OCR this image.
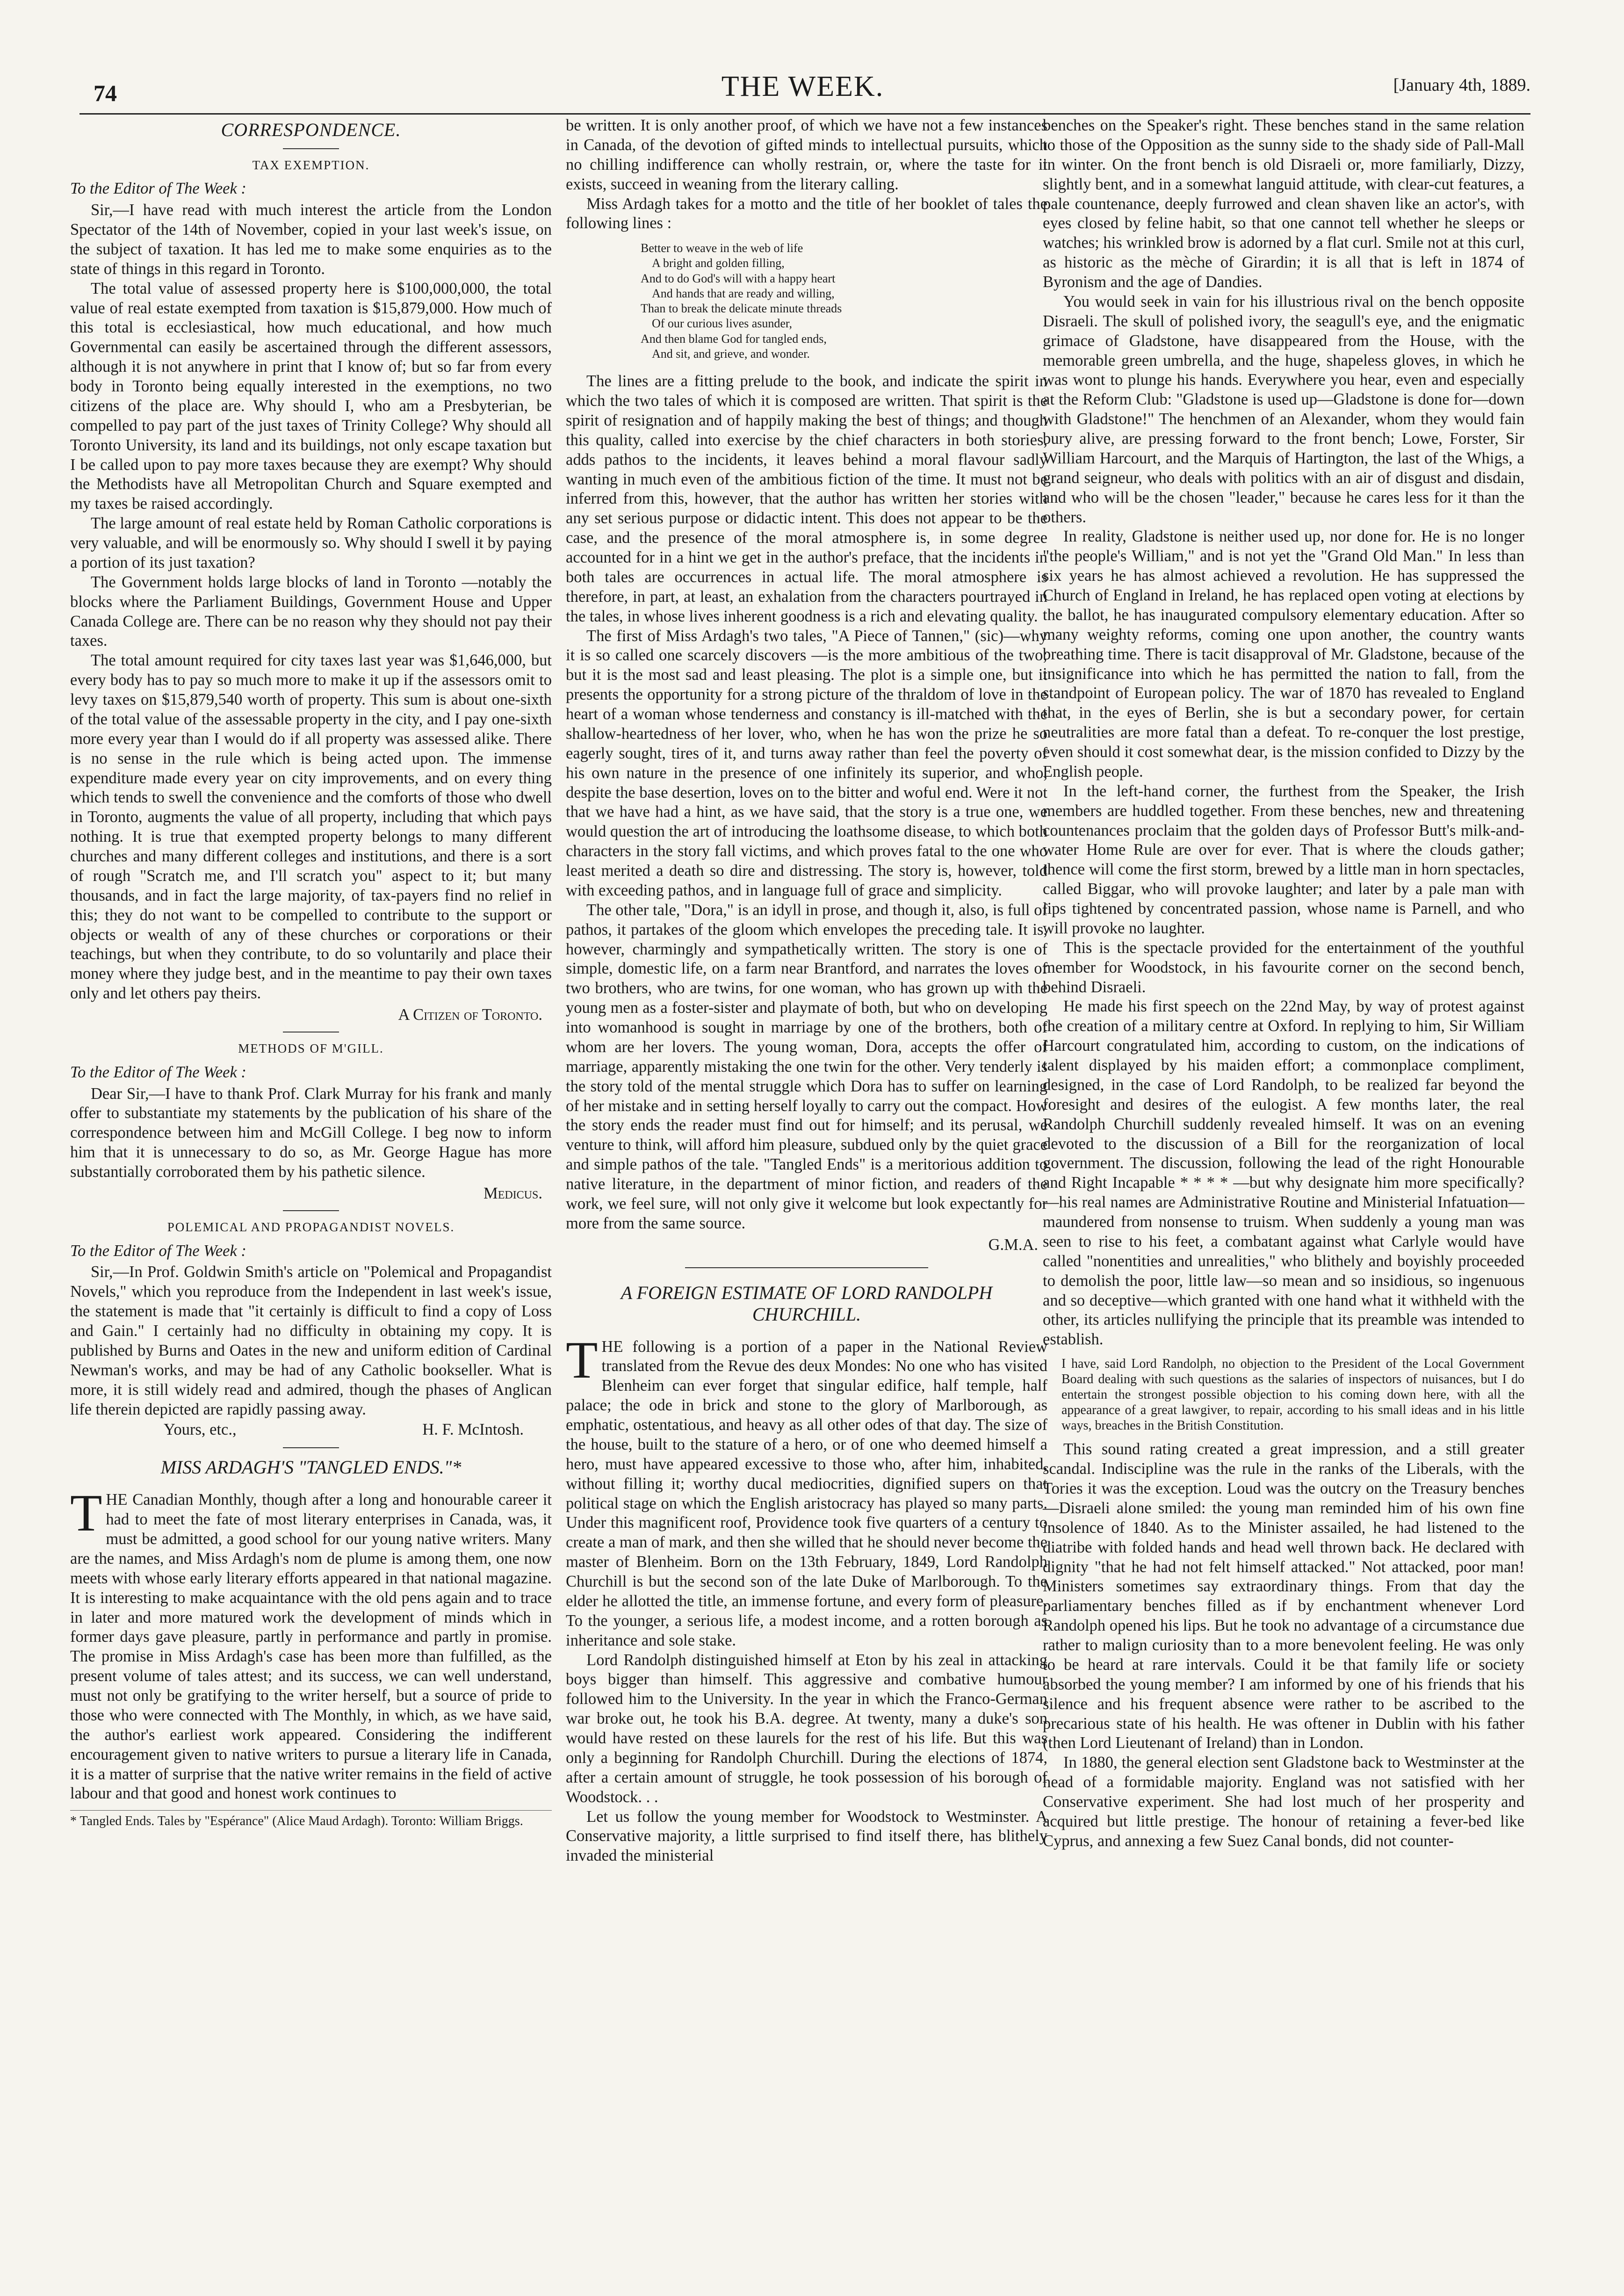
74	THE WEEK.	[January 4th, 1889.
CORRESPONDENCE.
TAX EXEMPTION.
To the Editor of The Week :

Sir,—I have read with much interest the article from the London Spectator of the 14th of November, copied in your last week's issue, on the subject of taxation. It has led me to make some enquiries as to the state of things in this regard in Toronto.

The total value of assessed property here is $100,000,000, the total value of real estate exempted from taxation is $15,879,000. How much of this total is ecclesiastical, how much educational, and how much Governmental can easily be ascertained through the different assessors, although it is not anywhere in print that I know of; but so far from every body in Toronto being equally interested in the exemptions, no two citizens of the place are. Why should I, who am a Presbyterian, be compelled to pay part of the just taxes of Trinity College? Why should all Toronto University, its land and its buildings, not only escape taxation but I be called upon to pay more taxes because they are exempt? Why should the Methodists have all Metropolitan Church and Square exempted and my taxes be raised accordingly.

The large amount of real estate held by Roman Catholic corporations is very valuable, and will be enormously so. Why should I swell it by paying a portion of its just taxation?

The Government holds large blocks of land in Toronto —notably the blocks where the Parliament Buildings, Government House and Upper Canada College are. There can be no reason why they should not pay their taxes.

The total amount required for city taxes last year was $1,646,000, but every body has to pay so much more to make it up if the assessors omit to levy taxes on $15,879,540 worth of property. This sum is about one-sixth of the total value of the assessable property in the city, and I pay one-sixth more every year than I would do if all property was assessed alike. There is no sense in the rule which is being acted upon. The immense expenditure made every year on city improvements, and on every thing which tends to swell the convenience and the comforts of those who dwell in Toronto, augments the value of all property, including that which pays nothing. It is true that exempted property belongs to many different churches and many different colleges and institutions, and there is a sort of rough "Scratch me, and I'll scratch you" aspect to it; but many thousands, and in fact the large majority, of tax-payers find no relief in this; they do not want to be compelled to contribute to the support or objects or wealth of any of these churches or corporations or their teachings, but when they contribute, to do so voluntarily and place their money where they judge best, and in the meantime to pay their own taxes only and let others pay theirs.

A Citizen of Toronto.
METHODS OF M'GILL.
To the Editor of The Week :

Dear Sir,—I have to thank Prof. Clark Murray for his frank and manly offer to substantiate my statements by the publication of his share of the correspondence between him and McGill College. I beg now to inform him that it is unnecessary to do so, as Mr. George Hague has more substantially corroborated them by his pathetic silence.

Medicus.
POLEMICAL AND PROPAGANDIST NOVELS.
To the Editor of The Week :

Sir,—In Prof. Goldwin Smith's article on "Polemical and Propagandist Novels," which you reproduce from the Independent in last week's issue, the statement is made that "it certainly is difficult to find a copy of Loss and Gain." I certainly had no difficulty in obtaining my copy. It is published by Burns and Oates in the new and uniform edition of Cardinal Newman's works, and may be had of any Catholic bookseller. What is more, it is still widely read and admired, though the phases of Anglican life therein depicted are rapidly passing away.

Yours, etc.,	H. F. McIntosh.
MISS ARDAGH'S "TANGLED ENDS."*

THE Canadian Monthly, though after a long and honourable career it had to meet the fate of most literary enterprises in Canada, was, it must be admitted, a good school for our young native writers. Many are the names, and Miss Ardagh's nom de plume is among them, one now meets with whose early literary efforts appeared in that national magazine. It is interesting to make acquaintance with the old pens again and to trace in later and more matured work the development of minds which in former days gave pleasure, partly in performance and partly in promise. The promise in Miss Ardagh's case has been more than fulfilled, as the present volume of tales attest; and its success, we can well understand, must not only be gratifying to the writer herself, but a source of pride to those who were connected with The Monthly, in which, as we have said, the author's earliest work appeared. Considering the indifferent encouragement given to native writers to pursue a literary life in Canada, it is a matter of surprise that the native writer remains in the field of active labour and that good and honest work continues to

* Tangled Ends. Tales by "Espérance" (Alice Maud Ardagh). Toronto: William Briggs.

be written. It is only another proof, of which we have not a few instances in Canada, of the devotion of gifted minds to intellectual pursuits, which no chilling indifference can wholly restrain, or, where the taste for it exists, succeed in weaning from the literary calling.

Miss Ardagh takes for a motto and the title of her booklet of tales the following lines :

Better to weave in the web of life
A bright and golden filling,
And to do God's will with a happy heart
And hands that are ready and willing,
Than to break the delicate minute threads
Of our curious lives asunder,
And then blame God for tangled ends,
And sit, and grieve, and wonder.

The lines are a fitting prelude to the book, and indicate the spirit in which the two tales of which it is composed are written. That spirit is the spirit of resignation and of happily making the best of things; and though this quality, called into exercise by the chief characters in both stories, adds pathos to the incidents, it leaves behind a moral flavour sadly wanting in much even of the ambitious fiction of the time. It must not be inferred from this, however, that the author has written her stories with any set serious purpose or didactic intent. This does not appear to be the case, and the presence of the moral atmosphere is, in some degree accounted for in a hint we get in the author's preface, that the incidents in both tales are occurrences in actual life. The moral atmosphere is therefore, in part, at least, an exhalation from the characters pourtrayed in the tales, in whose lives inherent goodness is a rich and elevating quality.

The first of Miss Ardagh's two tales, "A Piece of Tannen," (sic)—why it is so called one scarcely discovers —is the more ambitious of the two; but it is the most sad and least pleasing. The plot is a simple one, but it presents the opportunity for a strong picture of the thraldom of love in the heart of a woman whose tenderness and constancy is ill-matched with the shallow-heartedness of her lover, who, when he has won the prize he so eagerly sought, tires of it, and turns away rather than feel the poverty of his own nature in the presence of one infinitely its superior, and who, despite the base desertion, loves on to the bitter and woful end. Were it not that we have had a hint, as we have said, that the story is a true one, we would question the art of introducing the loathsome disease, to which both characters in the story fall victims, and which proves fatal to the one who least merited a death so dire and distressing. The story is, however, told with exceeding pathos, and in language full of grace and simplicity.

The other tale, "Dora," is an idyll in prose, and though it, also, is full of pathos, it partakes of the gloom which envelopes the preceding tale. It is, however, charmingly and sympathetically written. The story is one of simple, domestic life, on a farm near Brantford, and narrates the loves of two brothers, who are twins, for one woman, who has grown up with the young men as a foster-sister and playmate of both, but who on developing into womanhood is sought in marriage by one of the brothers, both of whom are her lovers. The young woman, Dora, accepts the offer of marriage, apparently mistaking the one twin for the other. Very tenderly is the story told of the mental struggle which Dora has to suffer on learning of her mistake and in setting herself loyally to carry out the compact. How the story ends the reader must find out for himself; and its perusal, we venture to think, will afford him pleasure, subdued only by the quiet grace and simple pathos of the tale. "Tangled Ends" is a meritorious addition to native literature, in the department of minor fiction, and readers of the work, we feel sure, will not only give it welcome but look expectantly for more from the same source.

G.M.A.
A FOREIGN ESTIMATE OF LORD RANDOLPH CHURCHILL.

THE following is a portion of a paper in the National Review translated from the Revue des deux Mondes: No one who has visited Blenheim can ever forget that singular edifice, half temple, half palace; the ode in brick and stone to the glory of Marlborough, as emphatic, ostentatious, and heavy as all other odes of that day. The size of the house, built to the stature of a hero, or of one who deemed himself a hero, must have appeared excessive to those who, after him, inhabited, without filling it; worthy ducal mediocrities, dignified supers on that political stage on which the English aristocracy has played so many parts. Under this magnificent roof, Providence took five quarters of a century to create a man of mark, and then she willed that he should never become the master of Blenheim. Born on the 13th February, 1849, Lord Randolph Churchill is but the second son of the late Duke of Marlborough. To the elder he allotted the title, an immense fortune, and every form of pleasure. To the younger, a serious life, a modest income, and a rotten borough as inheritance and sole stake.

Lord Randolph distinguished himself at Eton by his zeal in attacking boys bigger than himself. This aggressive and combative humour followed him to the University. In the year in which the Franco-German war broke out, he took his B.A. degree. At twenty, many a duke's son would have rested on these laurels for the rest of his life. But this was only a beginning for Randolph Churchill. During the elections of 1874, after a certain amount of struggle, he took possession of his borough of Woodstock. . .

Let us follow the young member for Woodstock to Westminster. A Conservative majority, a little surprised to find itself there, has blithely invaded the ministerial

benches on the Speaker's right. These benches stand in the same relation to those of the Opposition as the sunny side to the shady side of Pall-Mall in winter. On the front bench is old Disraeli or, more familiarly, Dizzy, slightly bent, and in a somewhat languid attitude, with clear-cut features, a pale countenance, deeply furrowed and clean shaven like an actor's, with eyes closed by feline habit, so that one cannot tell whether he sleeps or watches; his wrinkled brow is adorned by a flat curl. Smile not at this curl, as historic as the mèche of Girardin; it is all that is left in 1874 of Byronism and the age of Dandies.

You would seek in vain for his illustrious rival on the bench opposite Disraeli. The skull of polished ivory, the seagull's eye, and the enigmatic grimace of Gladstone, have disappeared from the House, with the memorable green umbrella, and the huge, shapeless gloves, in which he was wont to plunge his hands. Everywhere you hear, even and especially at the Reform Club: "Gladstone is used up—Gladstone is done for—down with Gladstone!" The henchmen of an Alexander, whom they would fain bury alive, are pressing forward to the front bench; Lowe, Forster, Sir William Harcourt, and the Marquis of Hartington, the last of the Whigs, a grand seigneur, who deals with politics with an air of disgust and disdain, and who will be the chosen "leader," because he cares less for it than the others.

In reality, Gladstone is neither used up, nor done for. He is no longer "the people's William," and is not yet the "Grand Old Man." In less than six years he has almost achieved a revolution. He has suppressed the Church of England in Ireland, he has replaced open voting at elections by the ballot, he has inaugurated compulsory elementary education. After so many weighty reforms, coming one upon another, the country wants breathing time. There is tacit disapproval of Mr. Gladstone, because of the insignificance into which he has permitted the nation to fall, from the standpoint of European policy. The war of 1870 has revealed to England that, in the eyes of Berlin, she is but a secondary power, for certain neutralities are more fatal than a defeat. To re-conquer the lost prestige, even should it cost somewhat dear, is the mission confided to Dizzy by the English people.

In the left-hand corner, the furthest from the Speaker, the Irish members are huddled together. From these benches, new and threatening countenances proclaim that the golden days of Professor Butt's milk-and-water Home Rule are over for ever. That is where the clouds gather; thence will come the first storm, brewed by a little man in horn spectacles, called Biggar, who will provoke laughter; and later by a pale man with lips tightened by concentrated passion, whose name is Parnell, and who will provoke no laughter.

This is the spectacle provided for the entertainment of the youthful member for Woodstock, in his favourite corner on the second bench, behind Disraeli.

He made his first speech on the 22nd May, by way of protest against the creation of a military centre at Oxford. In replying to him, Sir William Harcourt congratulated him, according to custom, on the indications of talent displayed by his maiden effort; a commonplace compliment, designed, in the case of Lord Randolph, to be realized far beyond the foresight and desires of the eulogist. A few months later, the real Randolph Churchill suddenly revealed himself. It was on an evening devoted to the discussion of a Bill for the reorganization of local government. The discussion, following the lead of the right Honourable and Right Incapable * * * * —but why designate him more specifically?—his real names are Administrative Routine and Ministerial Infatuation—maundered from nonsense to truism. When suddenly a young man was seen to rise to his feet, a combatant against what Carlyle would have called "nonentities and unrealities," who blithely and boyishly proceeded to demolish the poor, little law—so mean and so insidious, so ingenuous and so deceptive—which granted with one hand what it withheld with the other, its articles nullifying the principle that its preamble was intended to establish.

I have, said Lord Randolph, no objection to the President of the Local Government Board dealing with such questions as the salaries of inspectors of nuisances, but I do entertain the strongest possible objection to his coming down here, with all the appearance of a great lawgiver, to repair, according to his small ideas and in his little ways, breaches in the British Constitution.

This sound rating created a great impression, and a still greater scandal. Indiscipline was the rule in the ranks of the Liberals, with the Tories it was the exception. Loud was the outcry on the Treasury benches—Disraeli alone smiled: the young man reminded him of his own fine insolence of 1840. As to the Minister assailed, he had listened to the diatribe with folded hands and head well thrown back. He declared with dignity "that he had not felt himself attacked." Not attacked, poor man! Ministers sometimes say extraordinary things. From that day the parliamentary benches filled as if by enchantment whenever Lord Randolph opened his lips. But he took no advantage of a circumstance due rather to malign curiosity than to a more benevolent feeling. He was only to be heard at rare intervals. Could it be that family life or society absorbed the young member? I am informed by one of his friends that his silence and his frequent absence were rather to be ascribed to the precarious state of his health. He was oftener in Dublin with his father (then Lord Lieutenant of Ireland) than in London.

In 1880, the general election sent Gladstone back to Westminster at the head of a formidable majority. England was not satisfied with her Conservative experiment. She had lost much of her prosperity and acquired but little prestige. The honour of retaining a fever-bed like Cyprus, and annexing a few Suez Canal bonds, did not counter-
